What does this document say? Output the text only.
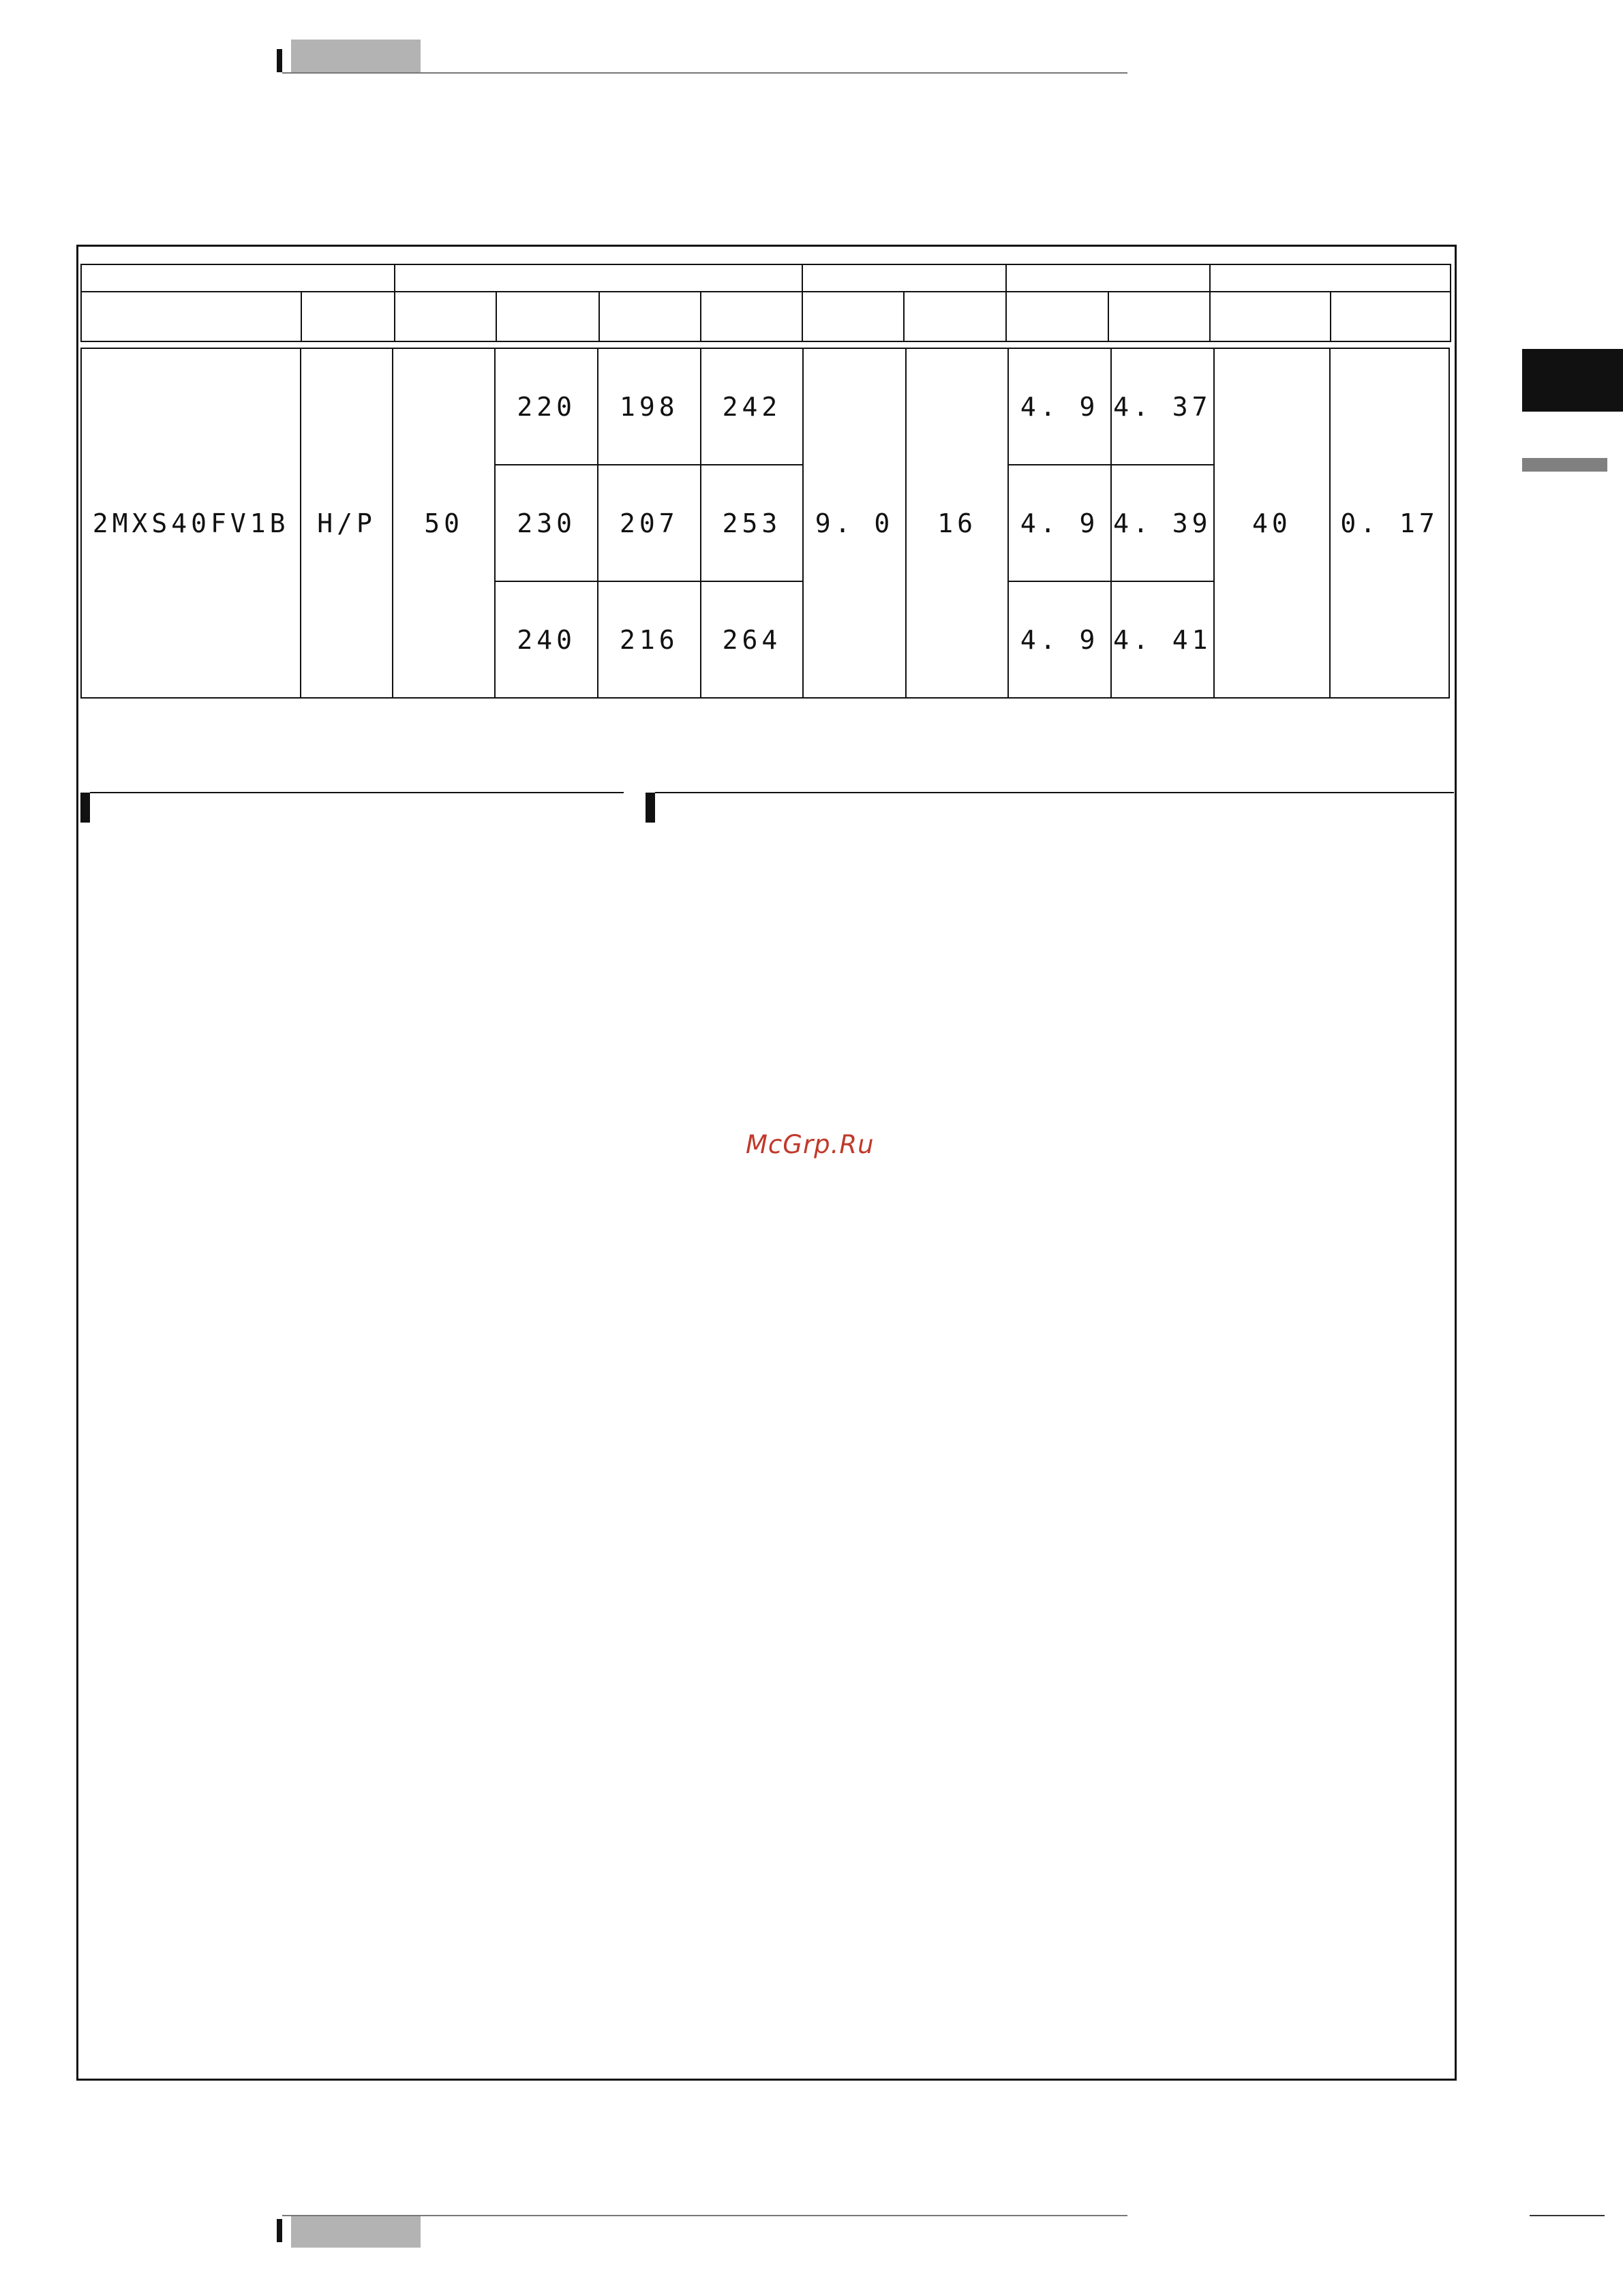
2MXS40FV1B	H/P	50	220	198	242	9. 0	16	4. 9	4. 37	40	0. 17
			230	207	253			4. 9	4. 39		
			240	216	264			4. 9	4. 41		
McGrp.Ru
